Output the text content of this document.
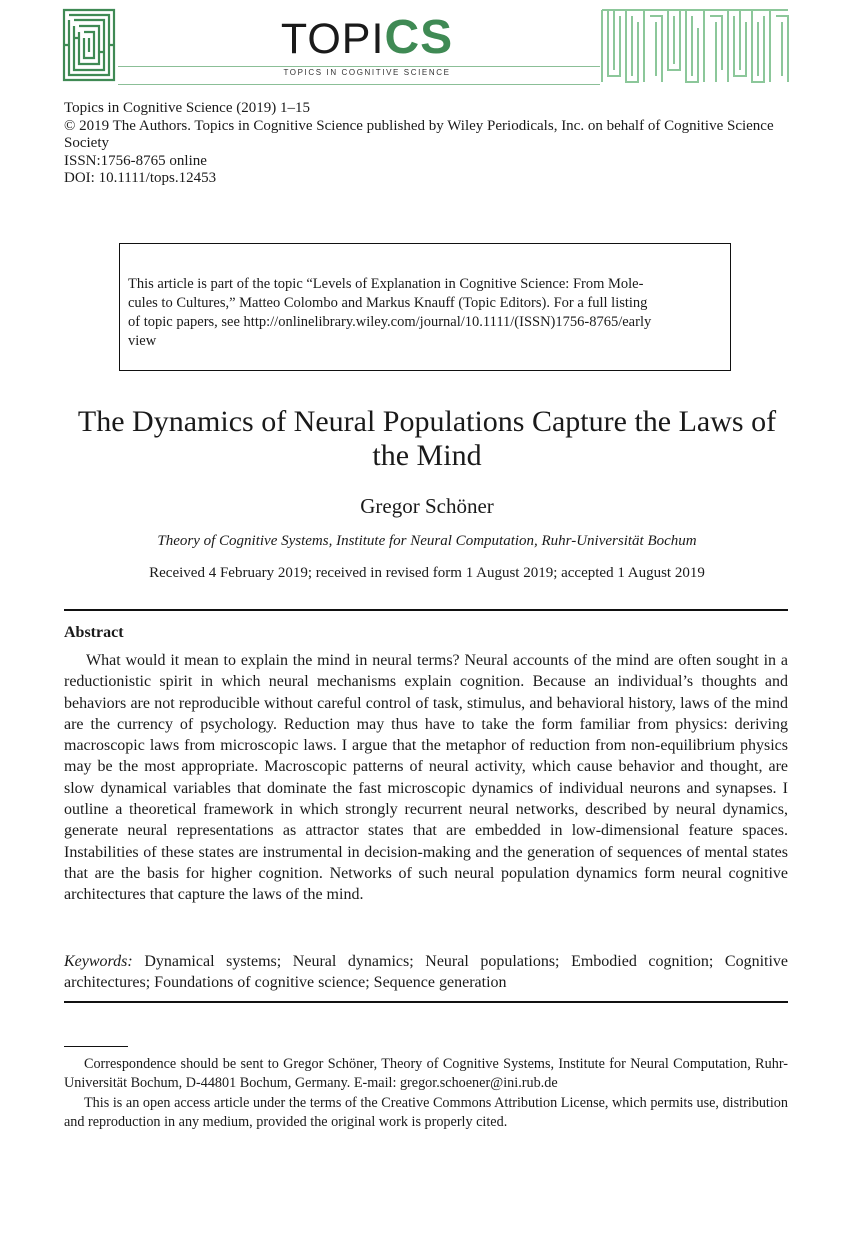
TOPICS
TOPICS IN COGNITIVE SCIENCE
Topics in Cognitive Science (2019) 1–15
© 2019 The Authors. Topics in Cognitive Science published by Wiley Periodicals, Inc. on behalf of Cognitive Science Society
ISSN:1756-8765 online
DOI: 10.1111/tops.12453
This article is part of the topic “Levels of Explanation in Cognitive Science: From Mole-
cules to Cultures,” Matteo Colombo and Markus Knauff (Topic Editors). For a full listing
of topic papers, see http://onlinelibrary.wiley.com/journal/10.1111/(ISSN)1756-8765/early
view
The Dynamics of Neural Populations Capture the Laws of the Mind
Gregor Schöner
Theory of Cognitive Systems, Institute for Neural Computation, Ruhr-Universität Bochum
Received 4 February 2019; received in revised form 1 August 2019; accepted 1 August 2019
Abstract

What would it mean to explain the mind in neural terms? Neural accounts of the mind are often sought in a reductionistic spirit in which neural mechanisms explain cognition. Because an individual’s thoughts and behaviors are not reproducible without careful control of task, stimulus, and behavioral history, laws of the mind are the currency of psychology. Reduction may thus have to take the form familiar from physics: deriving macroscopic laws from microscopic laws. I argue that the metaphor of reduction from non-equilibrium physics may be the most appropriate. Macroscopic patterns of neural activity, which cause behavior and thought, are slow dynamical variables that dominate the fast microscopic dynamics of individual neurons and synapses. I outline a theoretical framework in which strongly recurrent neural networks, described by neural dynamics, generate neural representations as attractor states that are embedded in low-dimensional feature spaces. Instabilities of these states are instrumental in decision-making and the generation of sequences of mental states that are the basis for higher cognition. Networks of such neural population dynamics form neural cognitive architectures that capture the laws of the mind.

Keywords: Dynamical systems; Neural dynamics; Neural populations; Embodied cognition; Cognitive architectures; Foundations of cognitive science; Sequence generation

Correspondence should be sent to Gregor Schöner, Theory of Cognitive Systems, Institute for Neural Computation, Ruhr-Universität Bochum, D-44801 Bochum, Germany. E-mail: gregor.schoener@ini.rub.de

This is an open access article under the terms of the Creative Commons Attribution License, which permits use, distribution and reproduction in any medium, provided the original work is properly cited.
